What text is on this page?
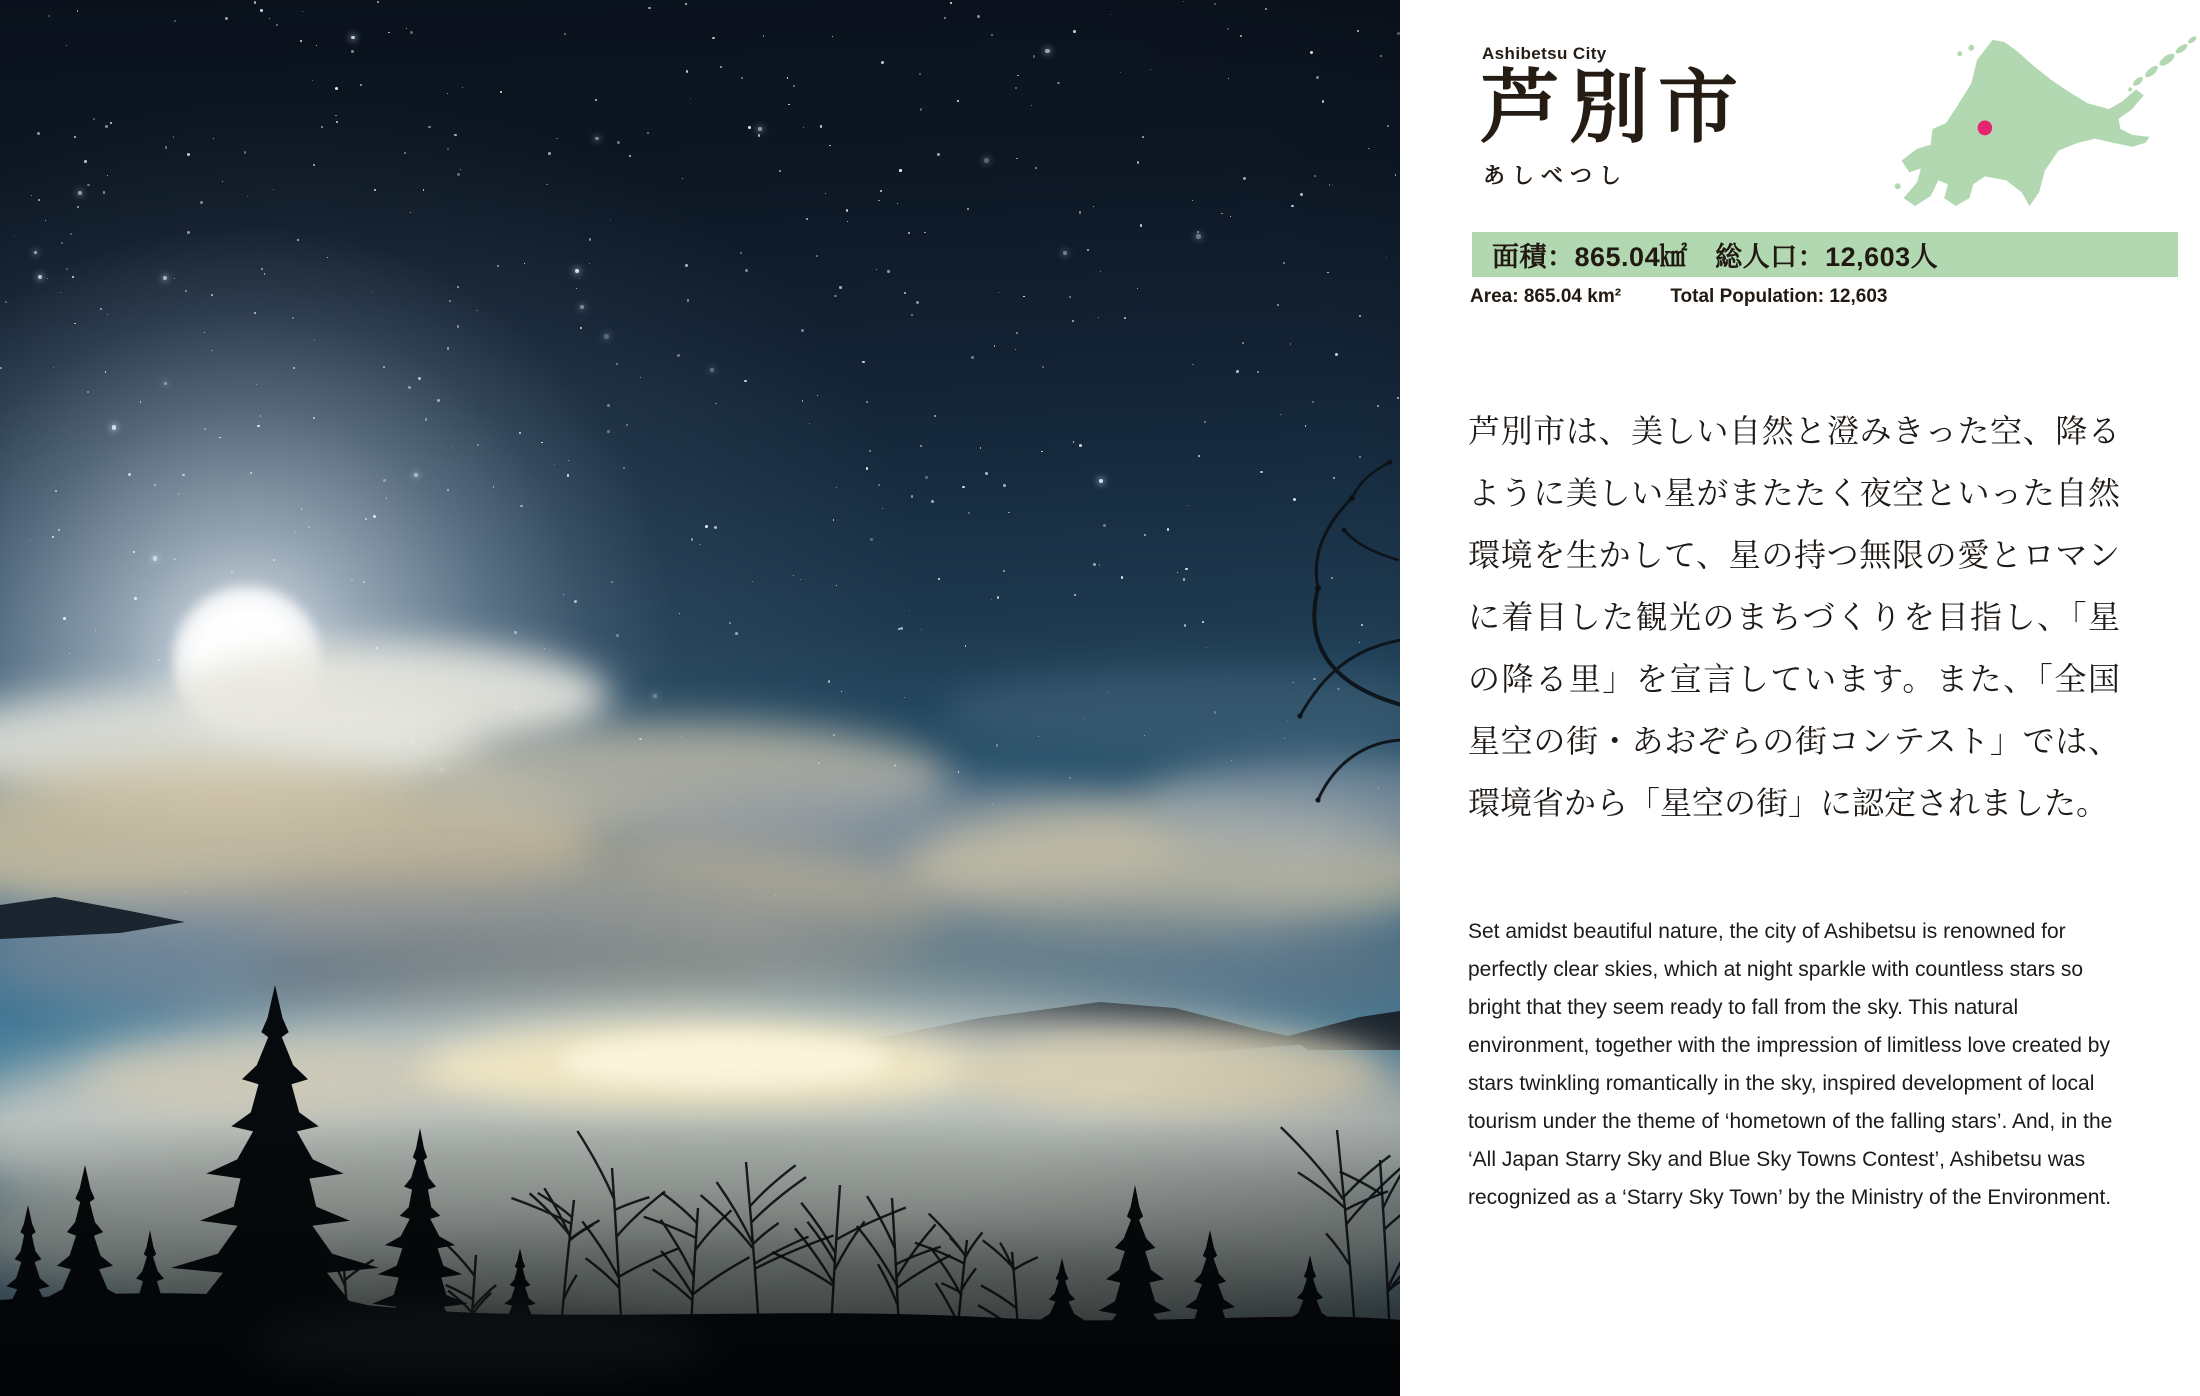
Ashibetsu City
芦別市
あしべつし
面積：865.04㎢　総人口：12,603人
Area: 865.04 km²	Total Population: 12,603

芦別市は、美しい自然と澄みきった空、降るように美しい星がまたたく夜空といった自然環境を生かして、星の持つ無限の愛とロマンに着目した観光のまちづくりを目指し、「星の降る里」を宣言しています。また、「全国星空の街・あおぞらの街コンテスト」では、環境省から「星空の街」に認定されました。

Set amidst beautiful nature, the city of Ashibetsu is renowned for perfectly clear skies, which at night sparkle with countless stars so bright that they seem ready to fall from the sky. This natural environment, together with the impression of limitless love created by stars twinkling romantically in the sky, inspired development of local tourism under the theme of ‘hometown of the falling stars’. And, in the ‘All Japan Starry Sky and Blue Sky Towns Contest’, Ashibetsu was recognized as a ‘Starry Sky Town’ by the Ministry of the Environment.
